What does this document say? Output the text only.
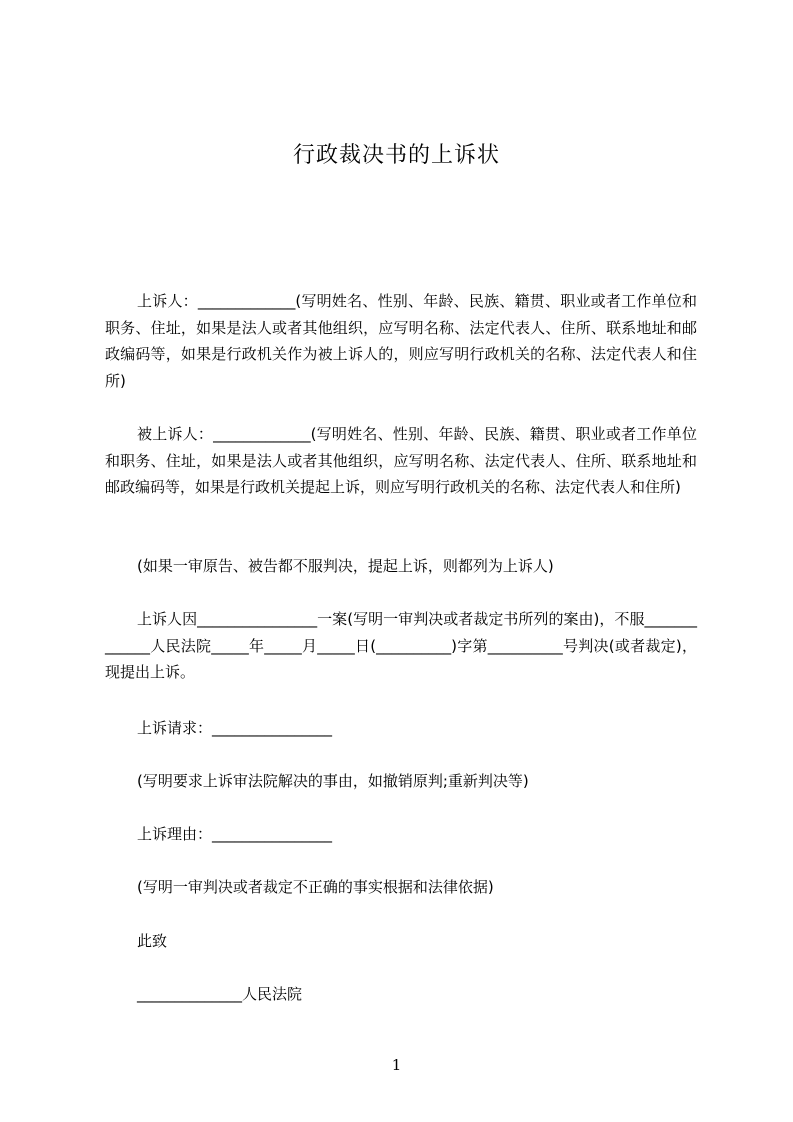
行政裁决书的上诉状
上诉人：_____________(写明姓名、性别、年龄、民族、籍贯、职业或者工作单位和职务、住址，如果是法人或者其他组织，应写明名称、法定代表人、住所、联系地址和邮政编码等，如果是行政机关作为被上诉人的，则应写明行政机关的名称、法定代表人和住所)
被上诉人：_____________(写明姓名、性别、年龄、民族、籍贯、职业或者工作单位和职务、住址，如果是法人或者其他组织，应写明名称、法定代表人、住所、联系地址和邮政编码等，如果是行政机关提起上诉，则应写明行政机关的名称、法定代表人和住所)
(如果一审原告、被告都不服判决，提起上诉，则都列为上诉人)
上诉人因________________一案(写明一审判决或者裁定书所列的案由)，不服_____________人民法院_____年_____月_____日(__________)字第__________号判决(或者裁定)，现提出上诉。
上诉请求：________________
(写明要求上诉审法院解决的事由，如撤销原判;重新判决等)
上诉理由：________________
(写明一审判决或者裁定不正确的事实根据和法律依据)
此致
______________人民法院
1
